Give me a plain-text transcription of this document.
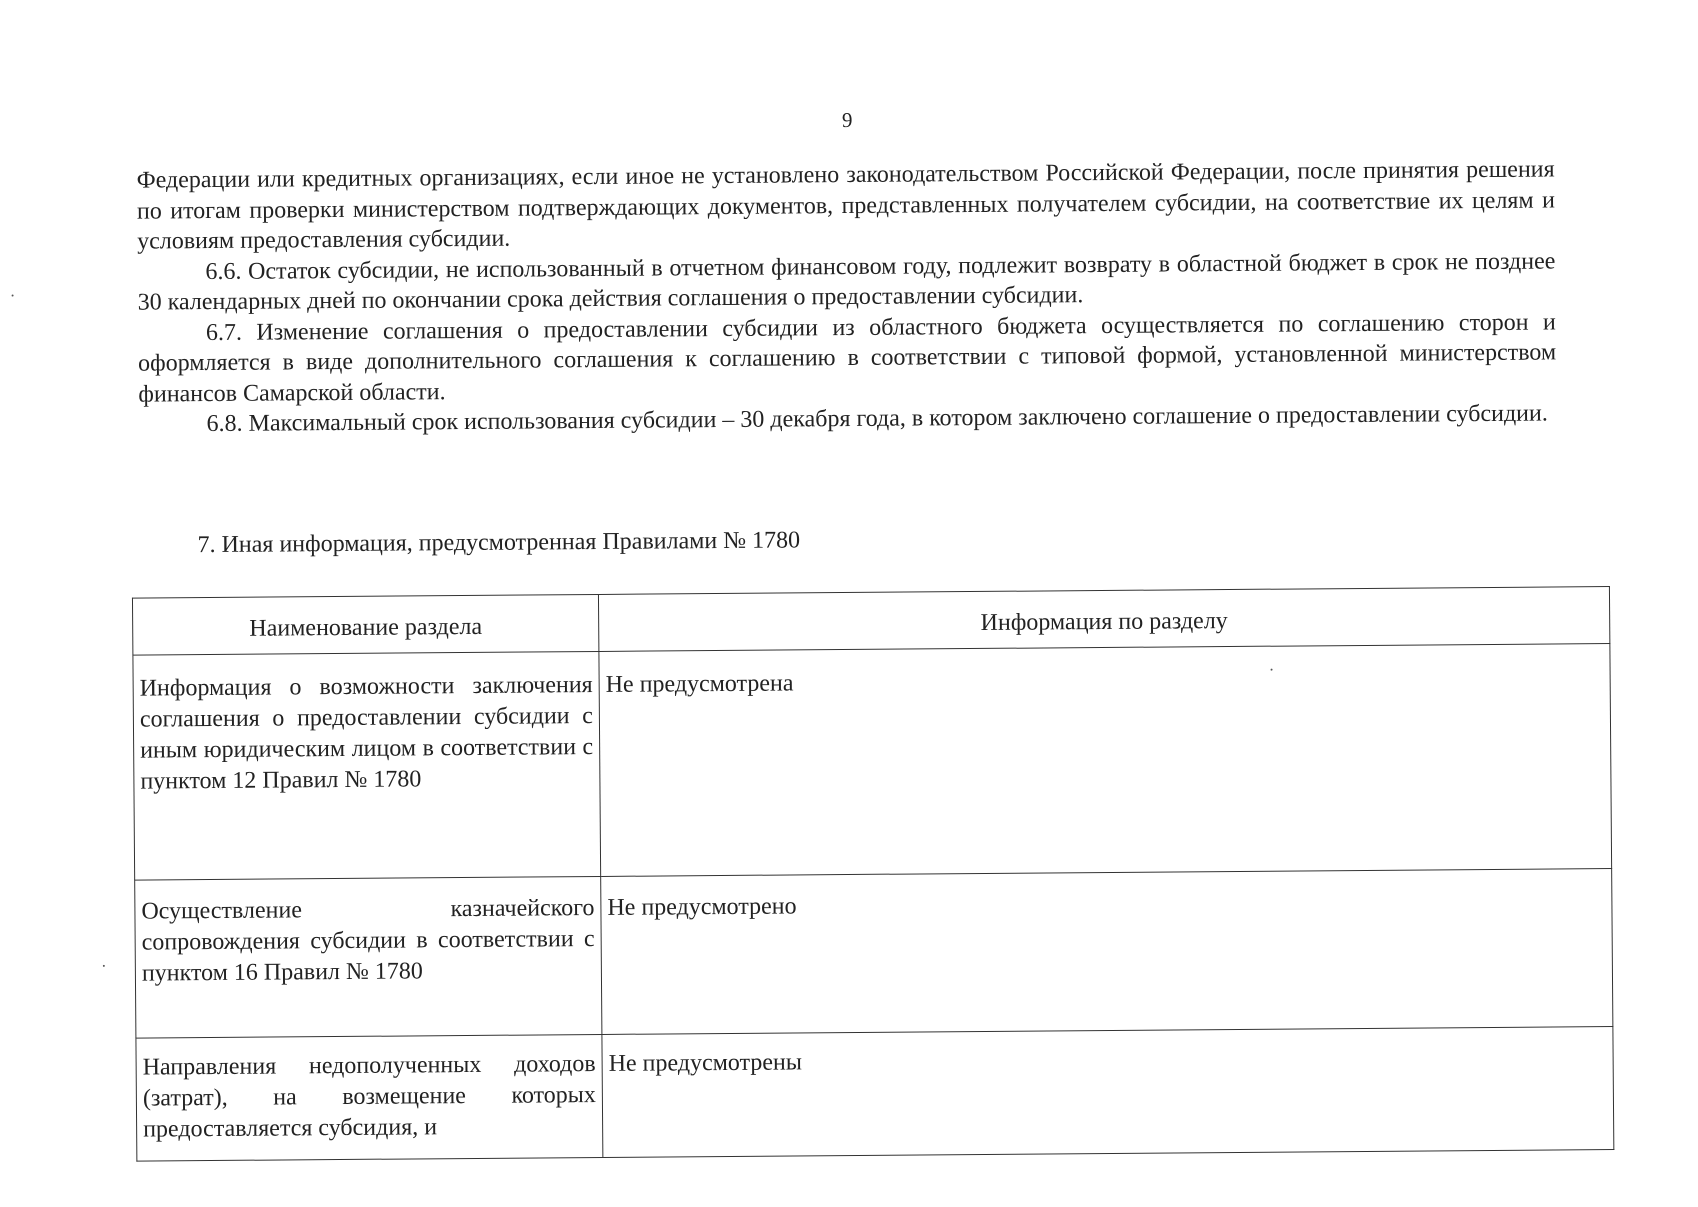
9

Федерации или кредитных организациях, если иное не установлено законодательством Российской Федерации, после принятия решения по итогам проверки министерством подтверждающих документов, представленных получателем субсидии, на соответствие их целям и условиям предоставления субсидии.

6.6. Остаток субсидии, не использованный в отчетном финансовом году, подлежит возврату в областной бюджет в срок не позднее 30 календарных дней по окончании срока действия соглашения о предоставлении субсидии.

6.7. Изменение соглашения о предоставлении субсидии из областного бюджета осуществляется по соглашению сторон и оформляется в виде дополнительного соглашения к соглашению в соответствии с типовой формой, установленной министерством финансов Самарской области.

6.8. Максимальный срок использования субсидии – 30 декабря года, в котором заключено соглашение о предоставлении субсидии.

7. Иная информация, предусмотренная Правилами № 1780
Наименование раздела	Информация по разделу
Информация о возможности заключения соглашения о предоставлении субсидии с иным юридическим лицом в соответствии с пунктом 12 Правил № 1780	Не предусмотрена
Осуществление казначейского сопровождения субсидии в соответствии с пунктом 16 Правил № 1780	Не предусмотрено
Направления недополученных доходов (затрат), на возмещение которых предоставляется субсидия, и	Не предусмотрены
